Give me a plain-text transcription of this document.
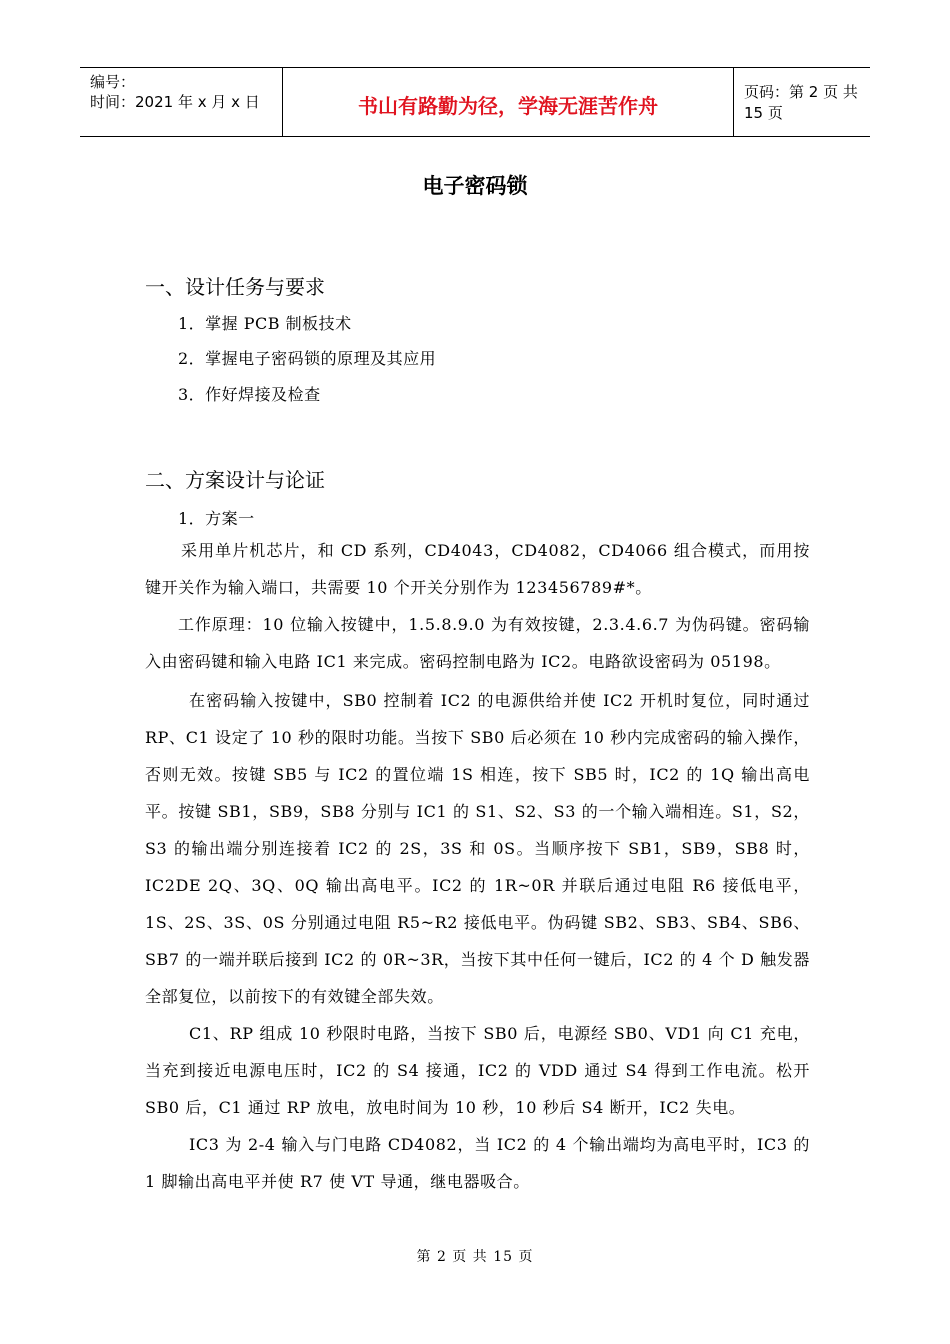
编号：
时间：2021 年 x 月 x 日	书山有路勤为径，学海无涯苦作舟
页码：第 2 页 共 15 页
电子密码锁
一、设计任务与要求
1．掌握 PCB 制板技术
2．掌握电子密码锁的原理及其应用
3．作好焊接及检查
二、方案设计与论证
1．方案一

采用单片机芯片，和 CD 系列，CD4043，CD4082，CD4066 组合模式，而用按键开关作为输入端口，共需要 10 个开关分别作为 123456789#*。

工作原理：10 位输入按键中，1.5.8.9.0 为有效按键，2.3.4.6.7 为伪码键。密码输入由密码键和输入电路 IC1 来完成。密码控制电路为 IC2。电路欲设密码为 05198。

在密码输入按键中，SB0 控制着 IC2 的电源供给并使 IC2 开机时复位，同时通过 RP、C1 设定了 10 秒的限时功能。当按下 SB0 后必须在 10 秒内完成密码的输入操作，否则无效。按键 SB5 与 IC2 的置位端 1S 相连，按下 SB5 时，IC2 的 1Q 输出高电平。按键 SB1，SB9，SB8 分别与 IC1 的 S1、S2、S3 的一个输入端相连。S1，S2，S3 的输出端分别连接着 IC2 的 2S，3S 和 0S。当顺序按下 SB1，SB9，SB8 时，IC2DE 2Q、3Q、0Q 输出高电平。IC2 的 1R~0R 并联后通过电阻 R6 接低电平，1S、2S、3S、0S 分别通过电阻 R5~R2 接低电平。伪码键 SB2、SB3、SB4、SB6、SB7 的一端并联后接到 IC2 的 0R~3R，当按下其中任何一键后，IC2 的 4 个 D 触发器全部复位，以前按下的有效键全部失效。

C1、RP 组成 10 秒限时电路，当按下 SB0 后，电源经 SB0、VD1 向 C1 充电，当充到接近电源电压时，IC2 的 S4 接通，IC2 的 VDD 通过 S4 得到工作电流。松开 SB0 后，C1 通过 RP 放电，放电时间为 10 秒，10 秒后 S4 断开，IC2 失电。

IC3 为 2-4 输入与门电路 CD4082，当 IC2 的 4 个输出端均为高电平时，IC3 的 1 脚输出高电平并使 R7 使 VT 导通，继电器吸合。

第 2 页 共 15 页
